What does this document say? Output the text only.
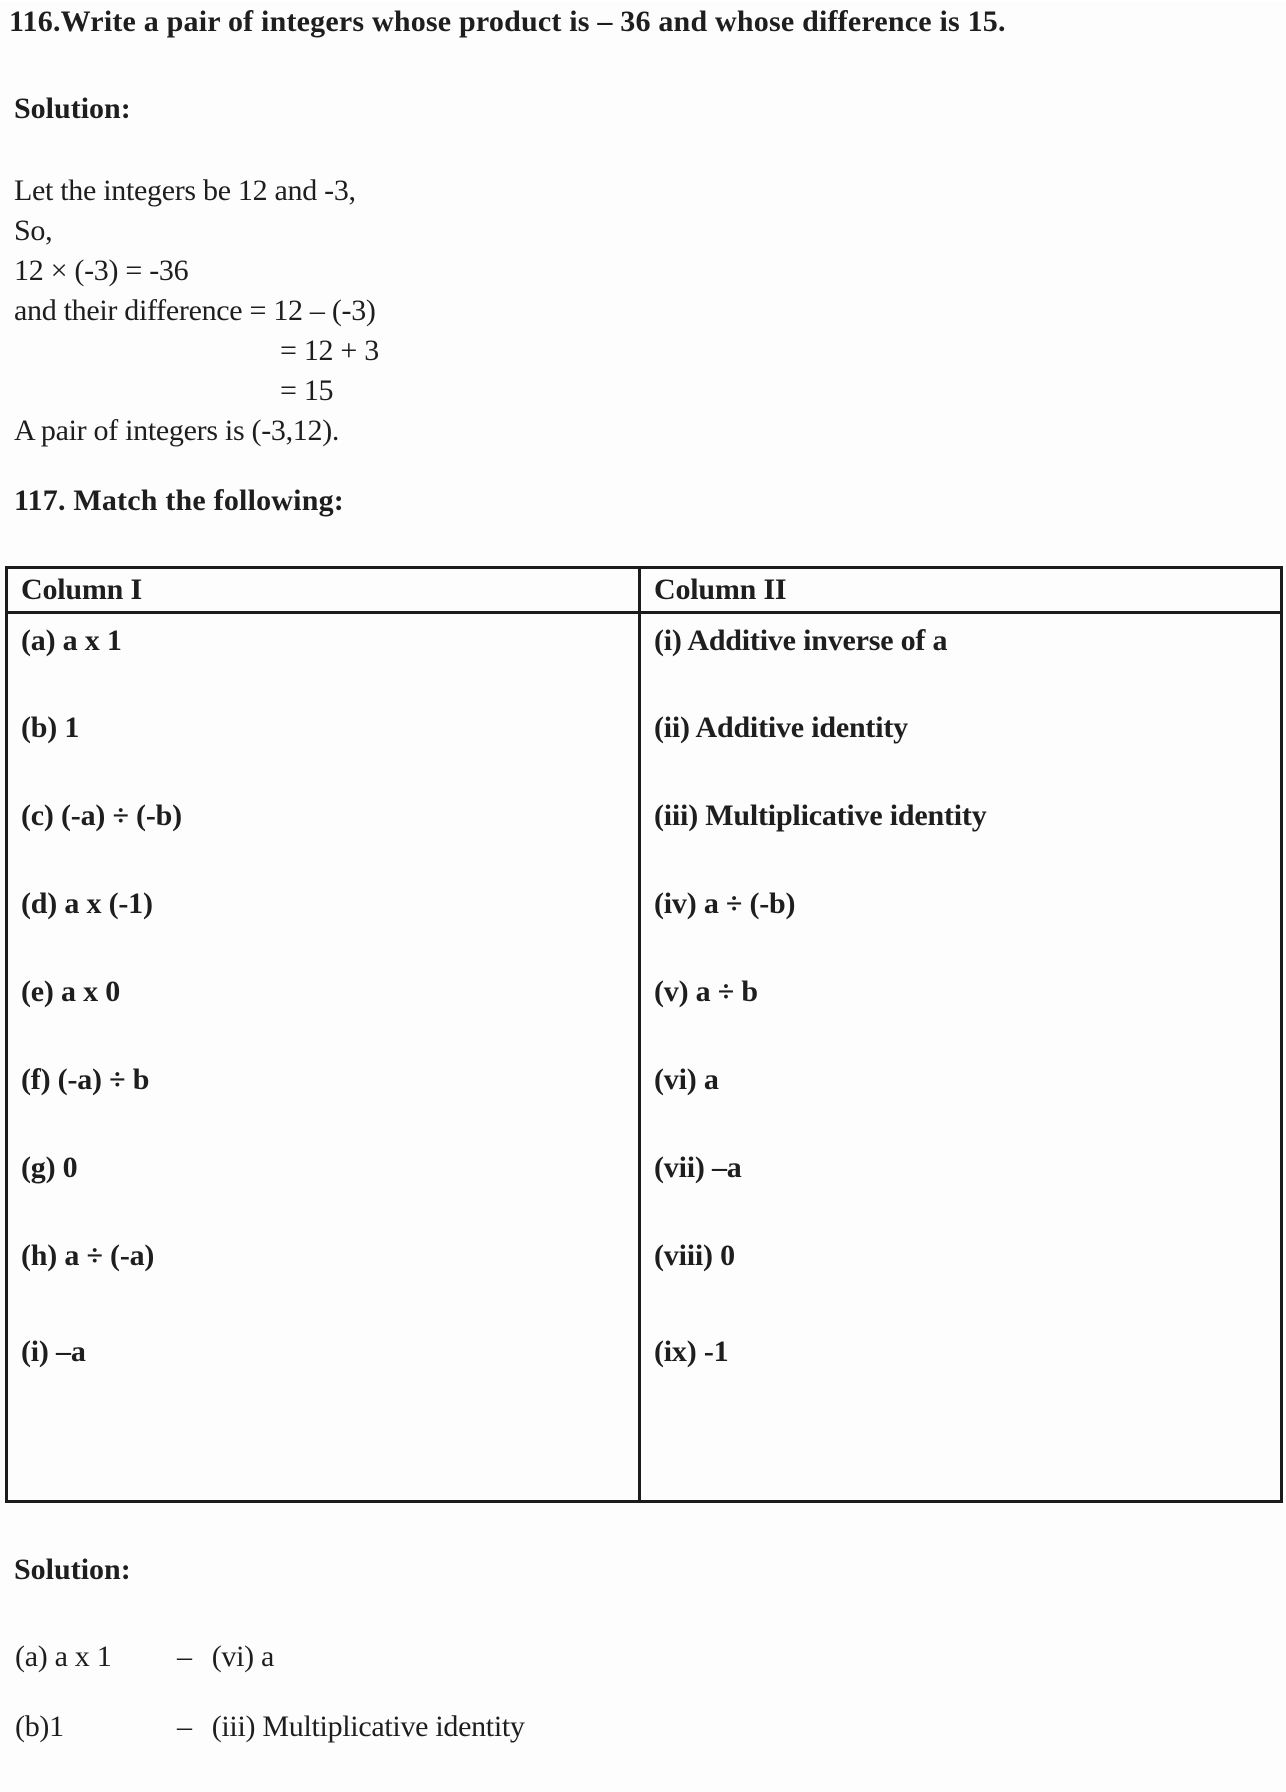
116.Write a pair of integers whose product is – 36 and whose difference is 15.
Solution:

Let the integers be 12 and -3,

So,

12 × (-3) = -36

and their difference = 12 – (-3)

= 12 + 3

= 15

A pair of integers is (-3,12).

117. Match the following:
Column I	Column II
(a) a x 1	(i) Additive inverse of a
(b) 1	(ii) Additive identity
(c) (-a) ÷ (-b)	(iii) Multiplicative identity
(d) a x (-1)	(iv) a ÷ (-b)
(e) a x 0	(v) a ÷ b
(f) (-a) ÷ b	(vi) a
(g) 0	(vii) –a
(h) a ÷ (-a)	(viii) 0
(i) –a	(ix) -1
Solution:
(a) a x 1 – (vi) a
(b)1	– (iii) Multiplicative identity
